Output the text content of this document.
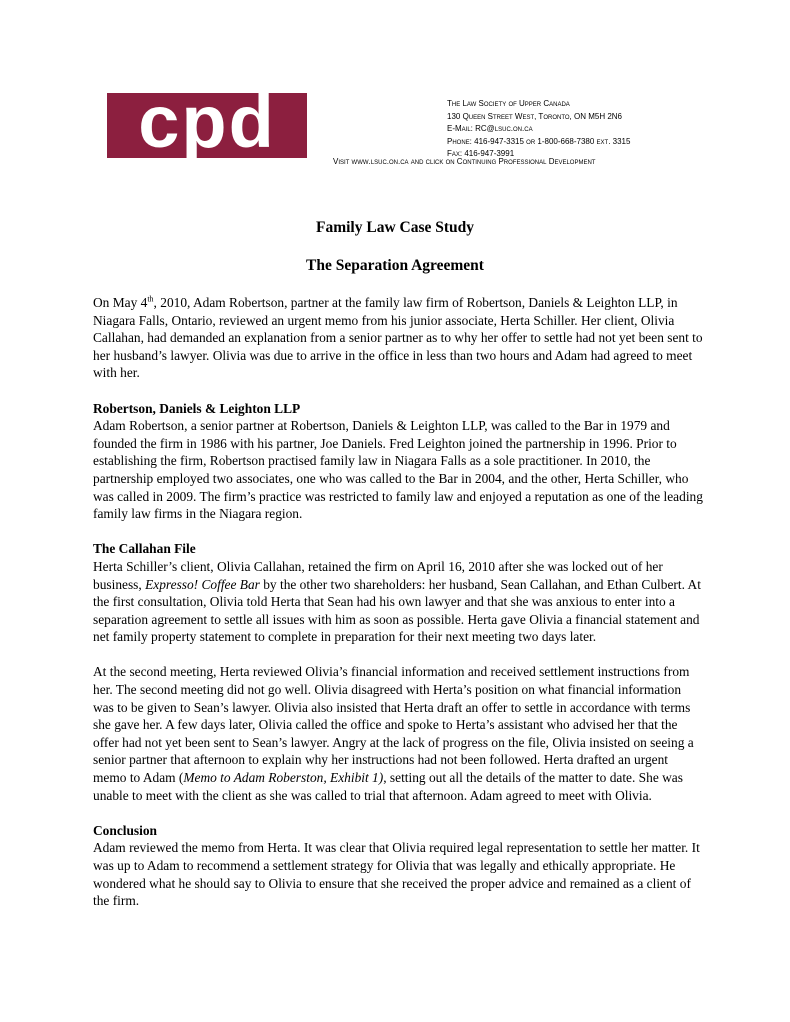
cpd	The Law Society of Upper Canada
130 Queen Street West, Toronto, ON M5H 2N6
E-Mail: RC@lsuc.on.ca
Phone: 416-947-3315 or 1-800-668-7380 ext. 3315
Fax: 416-947-3991
Visit www.lsuc.on.ca and click on Continuing Professional Development
Family Law Case Study
The Separation Agreement

On May 4th, 2010, Adam Robertson, partner at the family law firm of Robertson, Daniels & Leighton LLP, in Niagara Falls, Ontario, reviewed an urgent memo from his junior associate, Herta Schiller. Her client, Olivia Callahan, had demanded an explanation from a senior partner as to why her offer to settle had not yet been sent to her husband’s lawyer. Olivia was due to arrive in the office in less than two hours and Adam had agreed to meet with her.

Robertson, Daniels & Leighton LLP

Adam Robertson, a senior partner at Robertson, Daniels & Leighton LLP, was called to the Bar in 1979 and founded the firm in 1986 with his partner, Joe Daniels. Fred Leighton joined the partnership in 1996. Prior to establishing the firm, Robertson practised family law in Niagara Falls as a sole practitioner. In 2010, the partnership employed two associates, one who was called to the Bar in 2004, and the other, Herta Schiller, who was called in 2009. The firm’s practice was restricted to family law and enjoyed a reputation as one of the leading family law firms in the Niagara region.

The Callahan File

Herta Schiller’s client, Olivia Callahan, retained the firm on April 16, 2010 after she was locked out of her business, Expresso! Coffee Bar by the other two shareholders: her husband, Sean Callahan, and Ethan Culbert. At the first consultation, Olivia told Herta that Sean had his own lawyer and that she was anxious to enter into a separation agreement to settle all issues with him as soon as possible. Herta gave Olivia a financial statement and net family property statement to complete in preparation for their next meeting two days later.

At the second meeting, Herta reviewed Olivia’s financial information and received settlement instructions from her. The second meeting did not go well. Olivia disagreed with Herta’s position on what financial information was to be given to Sean’s lawyer. Olivia also insisted that Herta draft an offer to settle in accordance with terms she gave her. A few days later, Olivia called the office and spoke to Herta’s assistant who advised her that the offer had not yet been sent to Sean’s lawyer. Angry at the lack of progress on the file, Olivia insisted on seeing a senior partner that afternoon to explain why her instructions had not been followed. Herta drafted an urgent memo to Adam (Memo to Adam Roberston, Exhibit 1), setting out all the details of the matter to date. She was unable to meet with the client as she was called to trial that afternoon. Adam agreed to meet with Olivia.

Conclusion

Adam reviewed the memo from Herta. It was clear that Olivia required legal representation to settle her matter. It was up to Adam to recommend a settlement strategy for Olivia that was legally and ethically appropriate. He wondered what he should say to Olivia to ensure that she received the proper advice and remained as a client of the firm.
